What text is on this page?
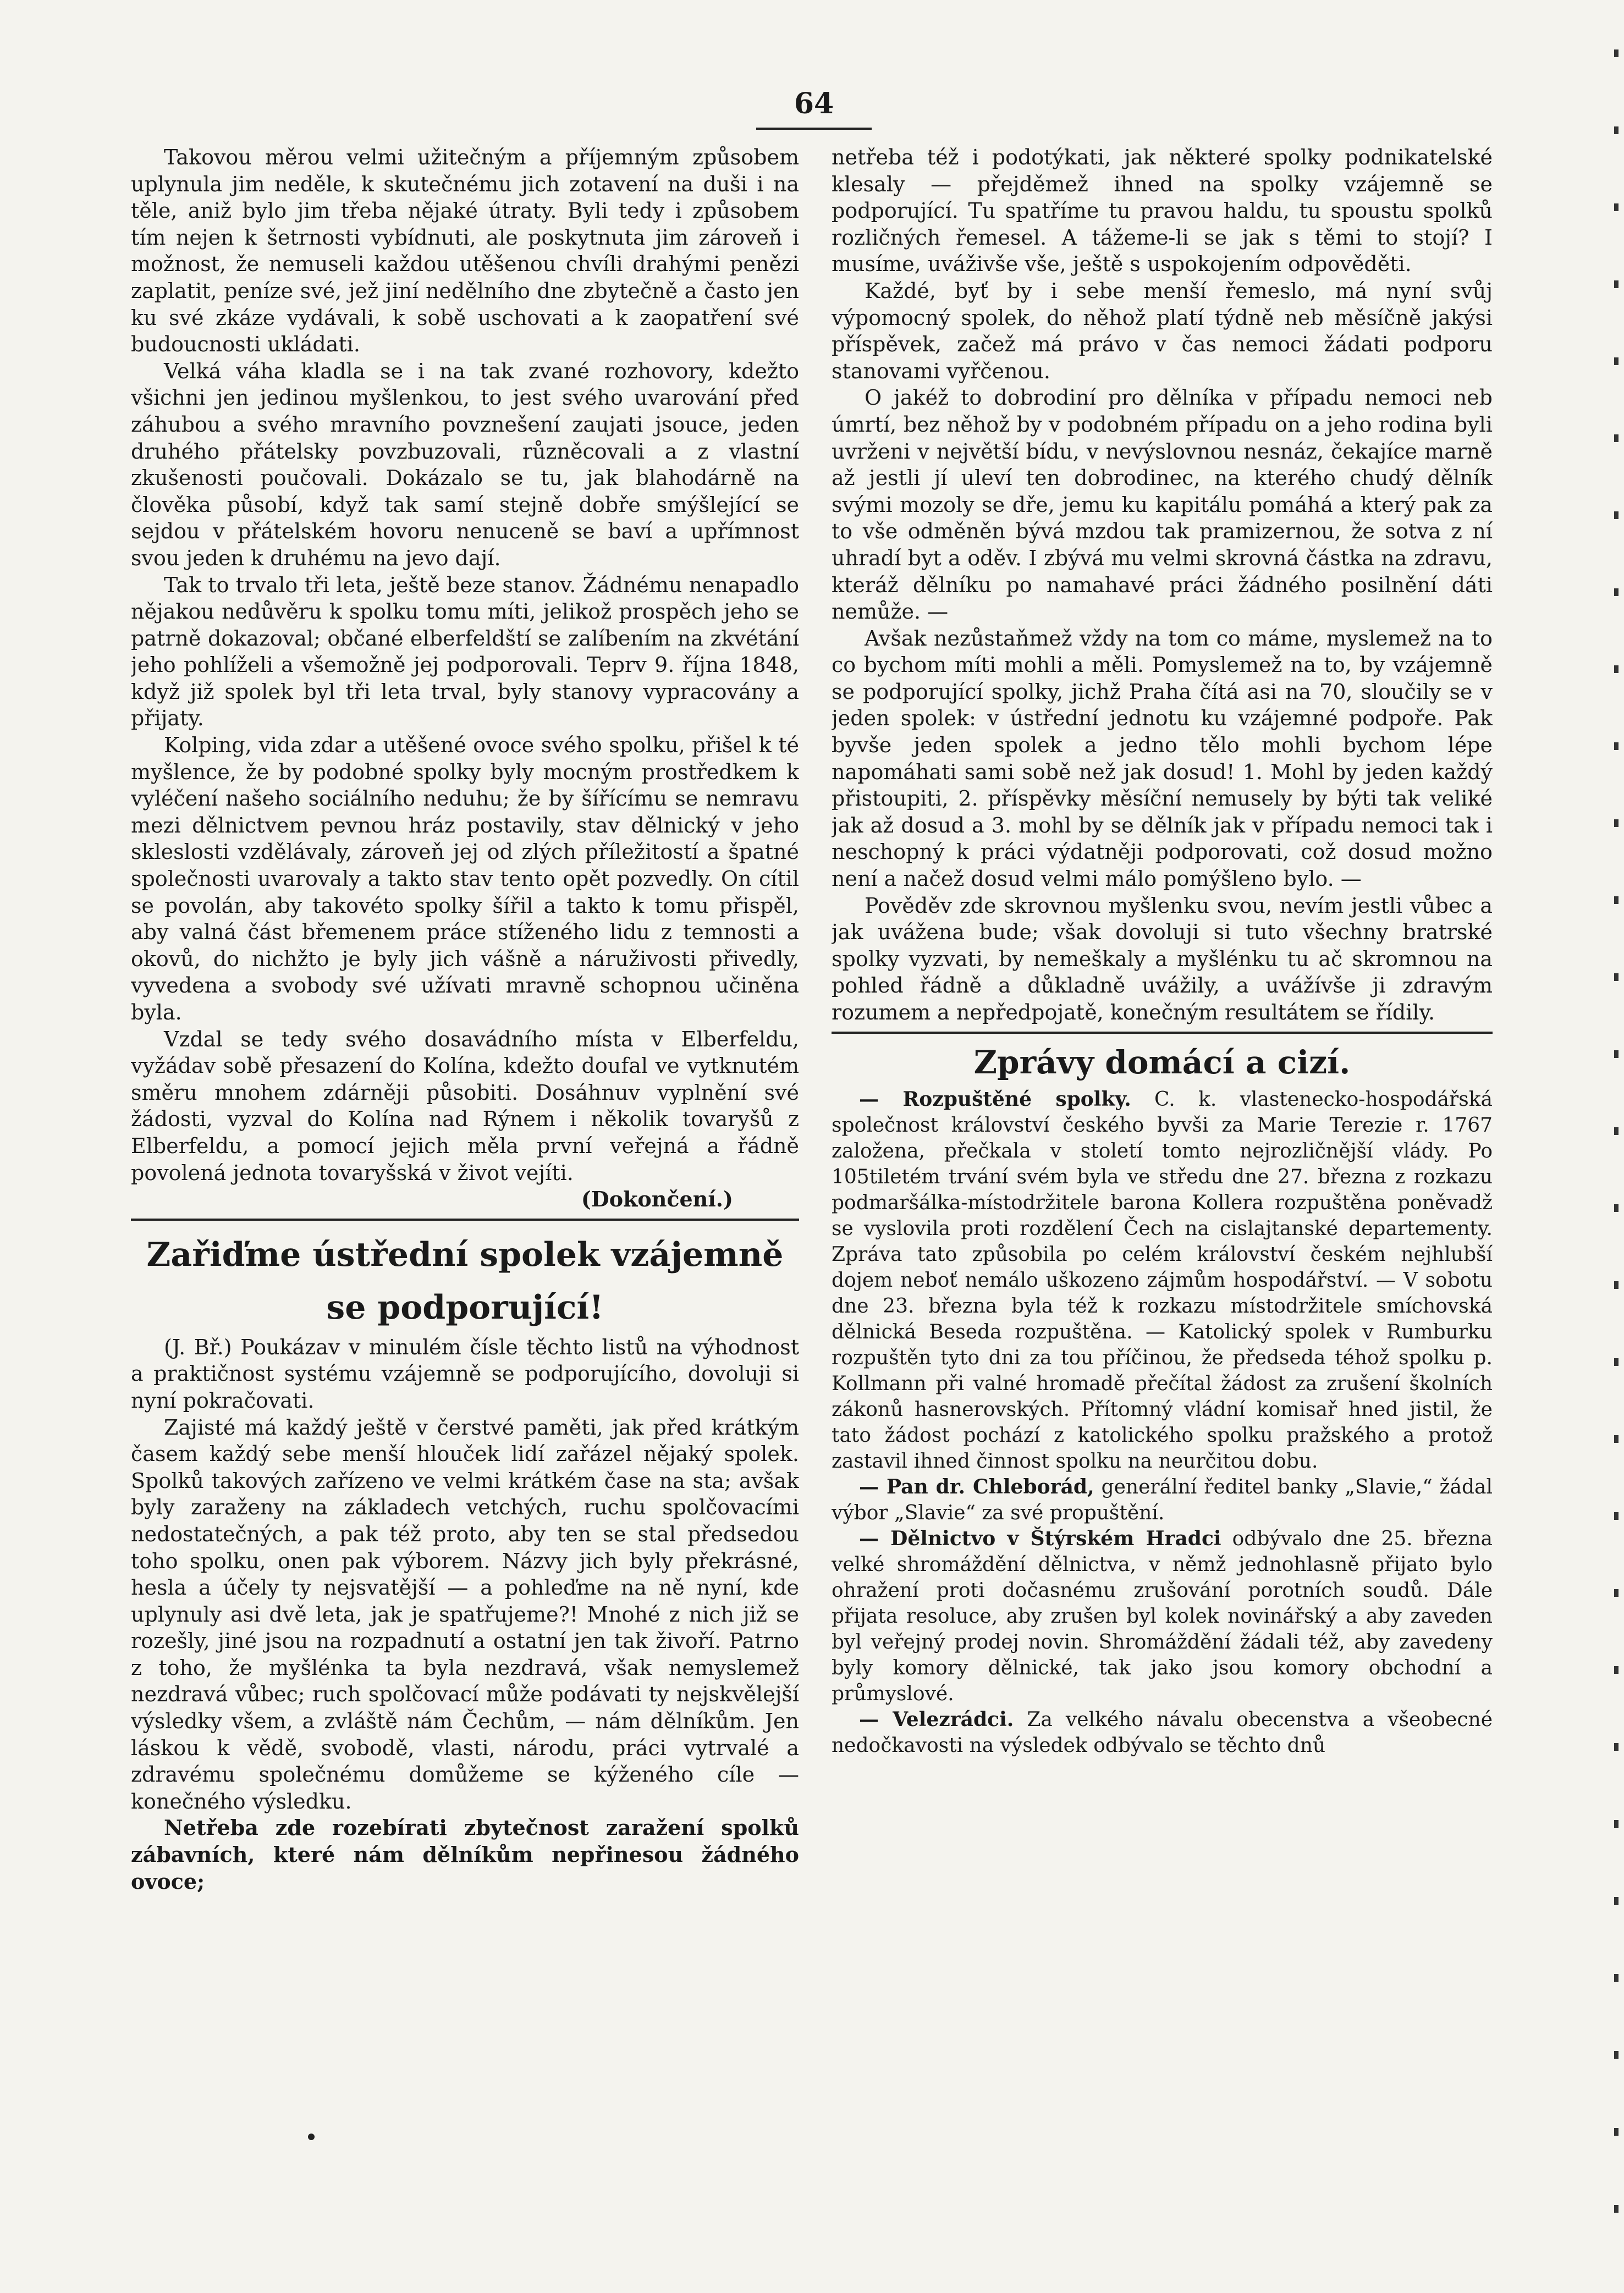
64

Takovou měrou velmi užitečným a příjemným způsobem uplynula jim neděle, k skutečnému jich zotavení na duši i na těle, aniž bylo jim třeba nějaké útraty. Byli tedy i způsobem tím nejen k šetrnosti vybídnuti, ale poskytnuta jim zároveň i možnost, že nemuseli každou utěšenou chvíli drahými penězi zaplatit, peníze své, jež jiní nedělního dne zbytečně a často jen ku své zkáze vydávali, k sobě uschovati a k zaopatření své budoucnosti ukládati.

Velká váha kladla se i na tak zvané rozhovory, kdežto všichni jen jedinou myšlenkou, to jest svého uvarování před záhubou a svého mravního povznešení zaujati jsouce, jeden druhého přátelsky povzbuzovali, různěcovali a z vlastní zkušenosti poučovali. Dokázalo se tu, jak blahodárně na člověka působí, když tak samí stejně dobře smýšlející se sejdou v přátelském hovoru nenuceně se baví a upřímnost svou jeden k druhému na jevo dají.

Tak to trvalo tři leta, ještě beze stanov. Žádnému nenapadlo nějakou nedůvěru k spolku tomu míti, jelikož prospěch jeho se patrně dokazoval; občané elberfeldští se zalíbením na zkvétání jeho pohlíželi a všemožně jej podporovali. Teprv 9. října 1848, když již spolek byl tři leta trval, byly stanovy vypracovány a přijaty.

Kolping, vida zdar a utěšené ovoce svého spolku, přišel k té myšlence, že by podobné spolky byly mocným prostředkem k vyléčení našeho sociálního neduhu; že by šířícímu se nemravu mezi dělnictvem pevnou hráz postavily, stav dělnický v jeho skleslosti vzdělávaly, zároveň jej od zlých příležitostí a špatné společnosti uvarovaly a takto stav tento opět pozvedly. On cítil se povolán, aby takovéto spolky šířil a takto k tomu přispěl, aby valná část břemenem práce stíženého lidu z temnosti a okovů, do nichžto je byly jich vášně a náruživosti přivedly, vyvedena a svobody své užívati mravně schopnou učiněna byla.

Vzdal se tedy svého dosavádního místa v Elberfeldu, vyžádav sobě přesazení do Kolína, kdežto doufal ve vytknutém směru mnohem zdárněji působiti. Dosáhnuv vyplnění své žádosti, vyzval do Kolína nad Rýnem i několik tovaryšů z Elberfeldu, a pomocí jejich měla první veřejná a řádně povolená jednota tovaryšská v život vejíti.

(Dokončení.)

Zařiďme ústřední spolek vzájemně se podporující!

(J. Bř.) Poukázav v minulém čísle těchto listů na výhodnost a praktičnost systému vzájemně se podporujícího, dovoluji si nyní pokračovati.

Zajisté má každý ještě v čerstvé paměti, jak před krátkým časem každý sebe menší hlouček lidí zařázel nějaký spolek. Spolků takových zařízeno ve velmi krátkém čase na sta; avšak byly zaraženy na základech vetchých, ruchu spolčovacími nedostatečných, a pak též proto, aby ten se stal předsedou toho spolku, onen pak výborem. Názvy jich byly překrásné, hesla a účely ty nejsvatější — a pohleďme na ně nyní, kde uplynuly asi dvě leta, jak je spatřujeme?! Mnohé z nich již se rozešly, jiné jsou na rozpadnutí a ostatní jen tak živoří. Patrno z toho, že myšlénka ta byla nezdravá, však nemyslemež nezdravá vůbec; ruch spolčovací může podávati ty nejskvělejší výsledky všem, a zvláště nám Čechům, — nám dělníkům. Jen láskou k vědě, svobodě, vlasti, národu, práci vytrvalé a zdravému společnému domůžeme se kýženého cíle — konečného výsledku.

Netřeba zde rozebírati zbytečnost zaražení spolků zábavních, které nám dělníkům nepřinesou žádného ovoce;

netřeba též i podotýkati, jak některé spolky podnikatelské klesaly — přejděmež ihned na spolky vzájemně se podporující. Tu spatříme tu pravou haldu, tu spoustu spolků rozličných řemesel. A tážeme-li se jak s těmi to stojí? I musíme, uváživše vše, ještě s uspokojením odpověděti.

Každé, byť by i sebe menší řemeslo, má nyní svůj výpomocný spolek, do něhož platí týdně neb měsíčně jakýsi příspěvek, začež má právo v čas nemoci žádati podporu stanovami vyřčenou.

O jakéž to dobrodiní pro dělníka v případu nemoci neb úmrtí, bez něhož by v podobném případu on a jeho rodina byli uvrženi v největší bídu, v nevýslovnou nesnáz, čekajíce marně až jestli jí uleví ten dobrodinec, na kterého chudý dělník svými mozoly se dře, jemu ku kapitálu pomáhá a který pak za to vše odměněn bývá mzdou tak pramizernou, že sotva z ní uhradí byt a oděv. I zbývá mu velmi skrovná částka na zdravu, kteráž dělníku po namahavé práci žádného posilnění dáti nemůže. —

Avšak nezůstaňmež vždy na tom co máme, myslemež na to co bychom míti mohli a měli. Pomyslemež na to, by vzájemně se podporující spolky, jichž Praha čítá asi na 70, sloučily se v jeden spolek: v ústřední jednotu ku vzájemné podpoře. Pak byvše jeden spolek a jedno tělo mohli bychom lépe napomáhati sami sobě než jak dosud! 1. Mohl by jeden každý přistoupiti, 2. příspěvky měsíční nemusely by býti tak veliké jak až dosud a 3. mohl by se dělník jak v případu nemoci tak i neschopný k práci výdatněji podporovati, což dosud možno není a načež dosud velmi málo pomýšleno bylo. —

Pověděv zde skrovnou myšlenku svou, nevím jestli vůbec a jak uvážena bude; však dovoluji si tuto všechny bratrské spolky vyzvati, by nemeškaly a myšlénku tu ač skromnou na pohled řádně a důkladně uvážily, a uvážívše ji zdravým rozumem a nepředpojatě, konečným resultátem se řídily.

Zprávy domácí a cizí.

— Rozpuštěné spolky. C. k. vlastenecko-hospodářská společnost království českého byvši za Marie Terezie r. 1767 založena, přečkala v století tomto nejrozličnější vlády. Po 105tiletém trvání svém byla ve středu dne 27. března z rozkazu podmaršálka-místodržitele barona Kollera rozpuštěna poněvadž se vyslovila proti rozdělení Čech na cislajtanské departementy. Zpráva tato způsobila po celém království českém nejhlubší dojem neboť nemálo uškozeno zájmům hospodářství. — V sobotu dne 23. března byla též k rozkazu místodržitele smíchovská dělnická Beseda rozpuštěna. — Katolický spolek v Rumburku rozpuštěn tyto dni za tou příčinou, že předseda téhož spolku p. Kollmann při valné hromadě přečítal žádost za zrušení školních zákonů hasnerovských. Přítomný vládní komisař hned jistil, že tato žádost pochází z katolického spolku pražského a protož zastavil ihned činnost spolku na neurčitou dobu.

— Pan dr. Chleborád, generální ředitel banky „Slavie,“ žádal výbor „Slavie“ za své propuštění.

— Dělnictvo v Štýrském Hradci odbývalo dne 25. března velké shromáždění dělnictva, v němž jednohlasně přijato bylo ohražení proti dočasnému zrušování porotních soudů. Dále přijata resoluce, aby zrušen byl kolek novinářský a aby zaveden byl veřejný prodej novin. Shromáždění žádali též, aby zavedeny byly komory dělnické, tak jako jsou komory obchodní a průmyslové.

— Velezrádci. Za velkého návalu obecenstva a všeobecné nedočkavosti na výsledek odbývalo se těchto dnů
